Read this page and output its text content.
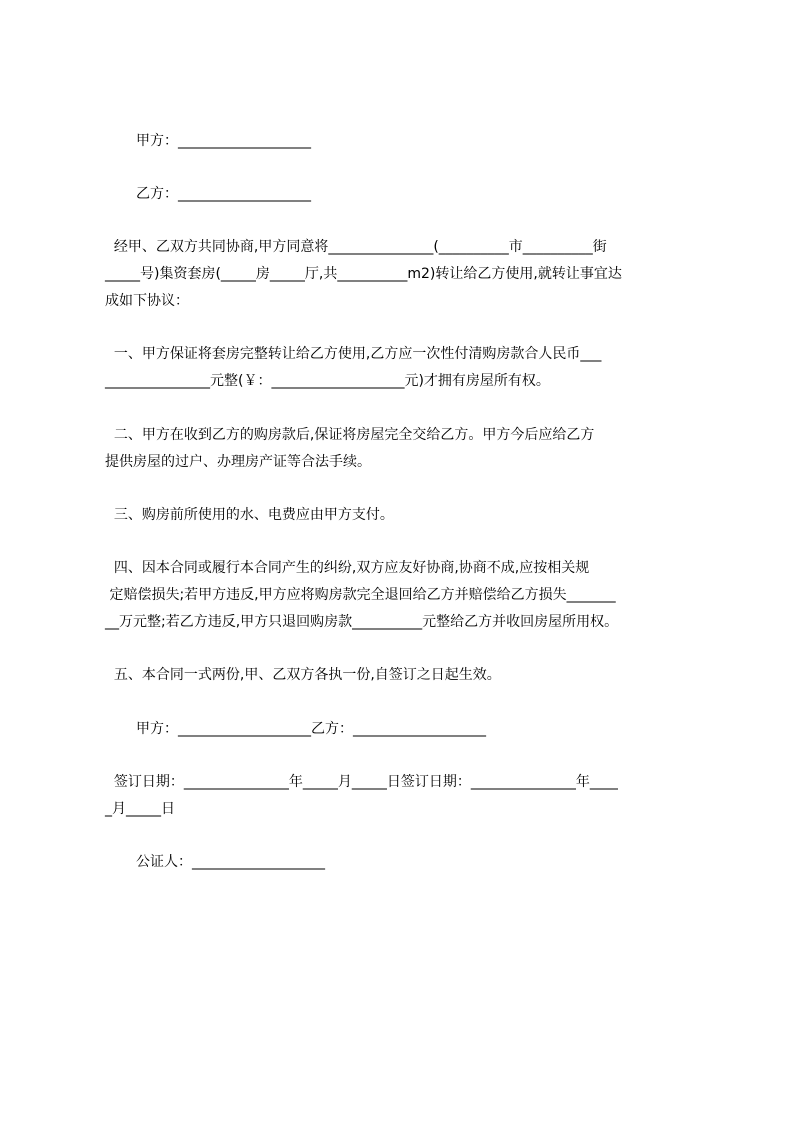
甲方：___________________
乙方：___________________
经甲、乙双方共同协商,甲方同意将_______________(__________市__________街
_____号)集资套房(_____房_____厅,共__________m2)转让给乙方使用,就转让事宜达
成如下协议：
一、甲方保证将套房完整转让给乙方使用,乙方应一次性付清购房款合人民币___
_______________元整(￥：___________________元)才拥有房屋所有权。
二、甲方在收到乙方的购房款后,保证将房屋完全交给乙方。甲方今后应给乙方
提供房屋的过户、办理房产证等合法手续。
三、购房前所使用的水、电费应由甲方支付。
四、因本合同或履行本合同产生的纠纷,双方应友好协商,协商不成,应按相关规
定赔偿损失;若甲方违反,甲方应将购房款完全退回给乙方并赔偿给乙方损失_______
__万元整;若乙方违反,甲方只退回购房款__________元整给乙方并收回房屋所用权。
五、本合同一式两份,甲、乙双方各执一份,自签订之日起生效。
甲方：___________________乙方：___________________
签订日期：_______________年_____月_____日签订日期：_______________年____
_月_____日
公证人：___________________
